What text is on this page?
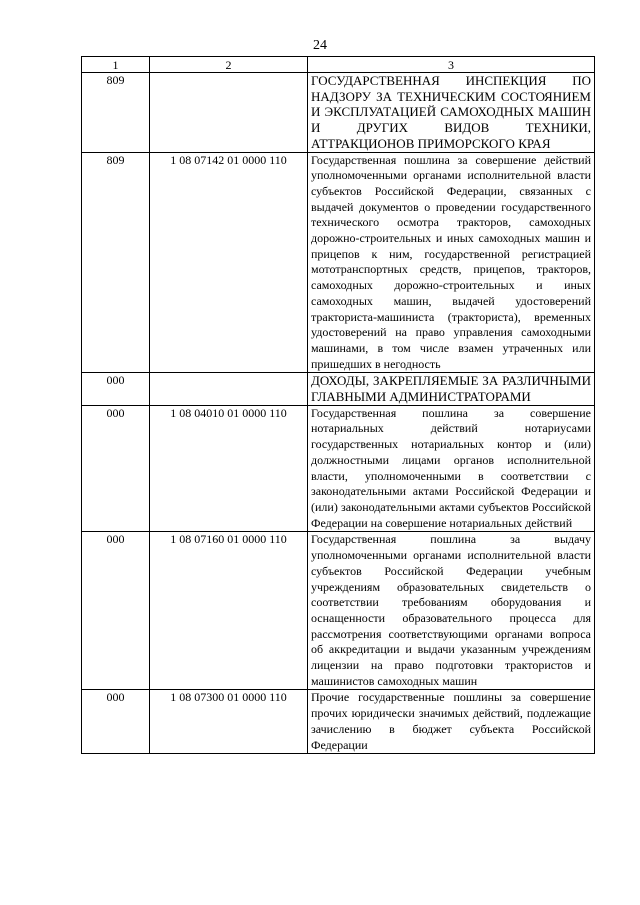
24
1	2	3
809		ГОСУДАРСТВЕННАЯ ИНСПЕКЦИЯ ПО НАДЗОРУ ЗА ТЕХНИЧЕСКИМ СОСТОЯНИЕМ И ЭКСПЛУАТАЦИЕЙ САМОХОДНЫХ МАШИН И ДРУГИХ ВИДОВ ТЕХНИКИ, АТТРАКЦИОНОВ ПРИМОРСКОГО КРАЯ
809	1 08 07142 01 0000 110	Государственная пошлина за совершение действий уполномоченными органами исполнительной власти субъектов Российской Федерации, связанных с выдачей документов о проведении государственного технического осмотра тракторов, самоходных дорожно-строительных и иных самоходных машин и прицепов к ним, государственной регистрацией мототранспортных средств, прицепов, тракторов, самоходных дорожно-строительных и иных самоходных машин, выдачей удостоверений тракториста-машиниста (тракториста), временных удостоверений на право управления самоходными машинами, в том числе взамен утраченных или пришедших в негодность
000		ДОХОДЫ, ЗАКРЕПЛЯЕМЫЕ ЗА РАЗЛИЧНЫМИ ГЛАВНЫМИ АДМИНИСТРАТОРАМИ
000	1 08 04010 01 0000 110	Государственная пошлина за совершение нотариальных действий нотариусами государственных нотариальных контор и (или) должностными лицами органов исполнительной власти, уполномоченными в соответствии с законодательными актами Российской Федерации и (или) законодательными актами субъектов Российской Федерации на совершение нотариальных действий
000	1 08 07160 01 0000 110	Государственная пошлина за выдачу уполномоченными органами исполнительной власти субъектов Российской Федерации учебным учреждениям образовательных свидетельств о соответствии требованиям оборудования и оснащенности образовательного процесса для рассмотрения соответствующими органами вопроса об аккредитации и выдачи указанным учреждениям лицензии на право подготовки трактористов и машинистов самоходных машин
000	1 08 07300 01 0000 110	Прочие государственные пошлины за совершение прочих юридически значимых действий, подлежащие зачислению в бюджет субъекта Российской Федерации
